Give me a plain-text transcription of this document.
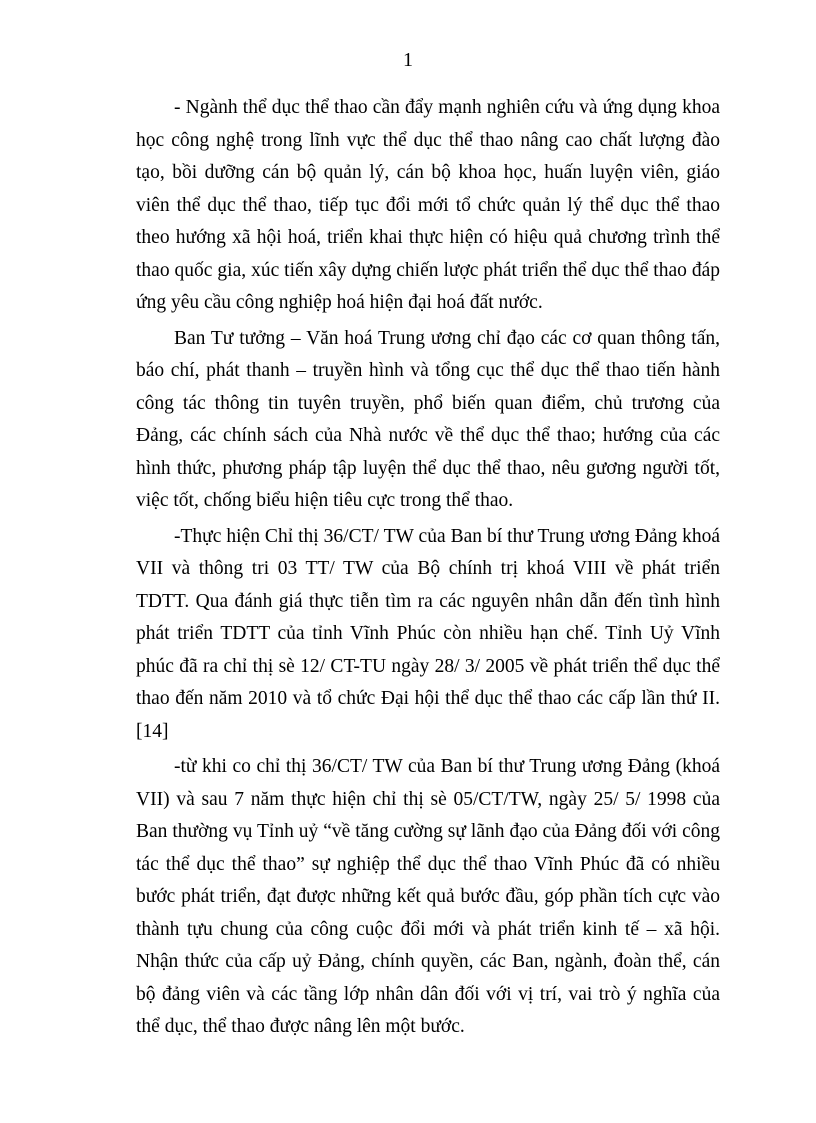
1

- Ngành thể dục thể thao cần đẩy mạnh nghiên cứu và ứng dụng khoa học công nghệ trong lĩnh vực thể dục thể thao nâng cao chất lượng đào tạo, bồi dưỡng cán bộ quản lý, cán bộ khoa học, huấn luyện viên, giáo viên thể dục thể thao, tiếp tục đổi mới tổ chức quản lý thể dục thể thao theo hướng xã hội hoá, triển khai thực hiện có hiệu quả chương trình thể thao quốc gia, xúc tiến xây dựng chiến lược phát triển thể dục thể thao đáp ứng yêu cầu công nghiệp hoá hiện đại hoá đất nước.

Ban Tư tưởng – Văn hoá Trung ương chỉ đạo các cơ quan thông tấn, báo chí, phát thanh – truyền hình và tổng cục thể dục thể thao tiến hành công tác thông tin tuyên truyền, phổ biến quan điểm, chủ trương của Đảng, các chính sách của Nhà nước về thể dục thể thao; hướng của các hình thức, phương pháp tập luyện thể dục thể thao, nêu gương người tốt, việc tốt, chống biểu hiện tiêu cực trong thể thao.

-Thực hiện Chỉ thị 36/CT/ TW của Ban bí thư Trung ương Đảng khoá VII và thông tri 03 TT/ TW của Bộ chính trị khoá VIII về phát triển TDTT. Qua đánh giá thực tiễn tìm ra các nguyên nhân dẫn đến tình hình phát triển TDTT của tỉnh Vĩnh Phúc còn nhiều hạn chế. Tỉnh Uỷ Vĩnh phúc đã ra chỉ thị sè 12/ CT-TU ngày 28/ 3/ 2005 về phát triển thể dục thể thao đến năm 2010 và tổ chức Đại hội thể dục thể thao các cấp lần thứ II.[14]

-từ khi co chỉ thị 36/CT/ TW của Ban bí thư Trung ương Đảng (khoá VII) và sau 7 năm thực hiện chỉ thị sè 05/CT/TW, ngày 25/ 5/ 1998 của Ban thường vụ Tỉnh uỷ “về tăng cường sự lãnh đạo của Đảng đối với công tác thể dục thể thao” sự nghiệp thể dục thể thao Vĩnh Phúc đã có nhiều bước phát triển, đạt được những kết quả bước đầu, góp phần tích cực vào thành tựu chung của công cuộc đổi mới và phát triển kinh tế – xã hội. Nhận thức của cấp uỷ Đảng, chính quyền, các Ban, ngành, đoàn thể, cán bộ đảng viên và các tầng lớp nhân dân đối với vị trí, vai trò ý nghĩa của thể dục, thể thao được nâng lên một bước.
